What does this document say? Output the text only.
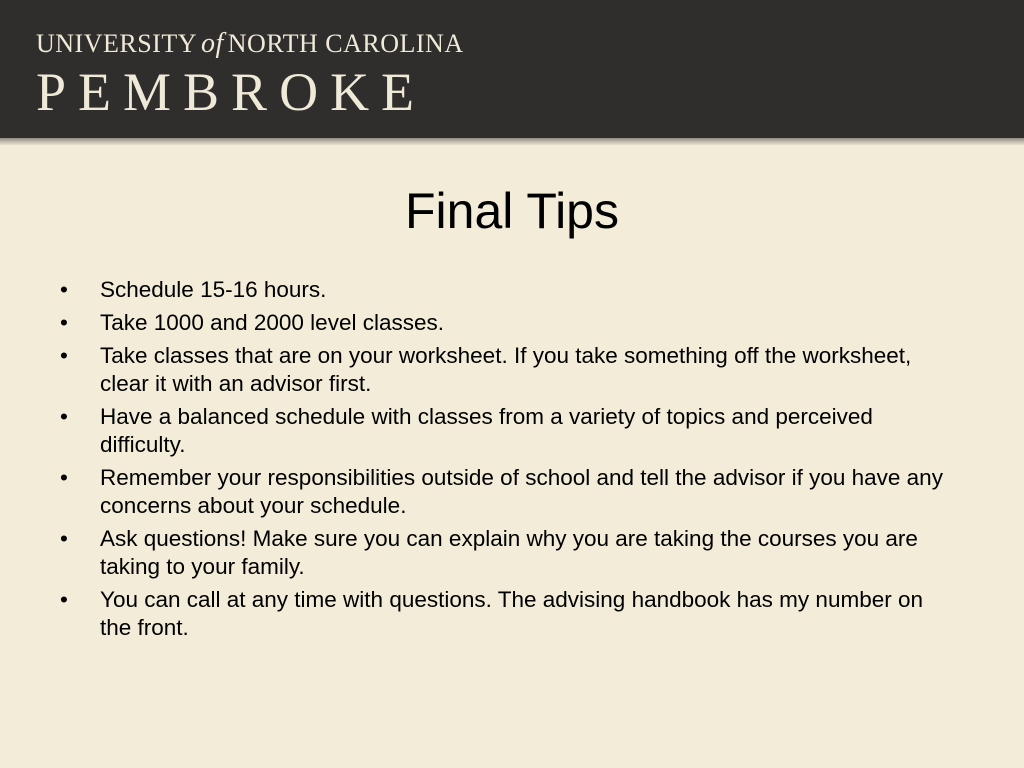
UNIVERSITY of NORTH CAROLINA
PEMBROKE
Final Tips
• Schedule 15-16 hours.
• Take 1000 and 2000 level classes.
• Take classes that are on your worksheet. If you take something off the worksheet, clear it with an advisor first.
• Have a balanced schedule with classes from a variety of topics and perceived difficulty.
• Remember your responsibilities outside of school and tell the advisor if you have any concerns about your schedule.
• Ask questions! Make sure you can explain why you are taking the courses you are taking to your family.
• You can call at any time with questions. The advising handbook has my number on the front.
